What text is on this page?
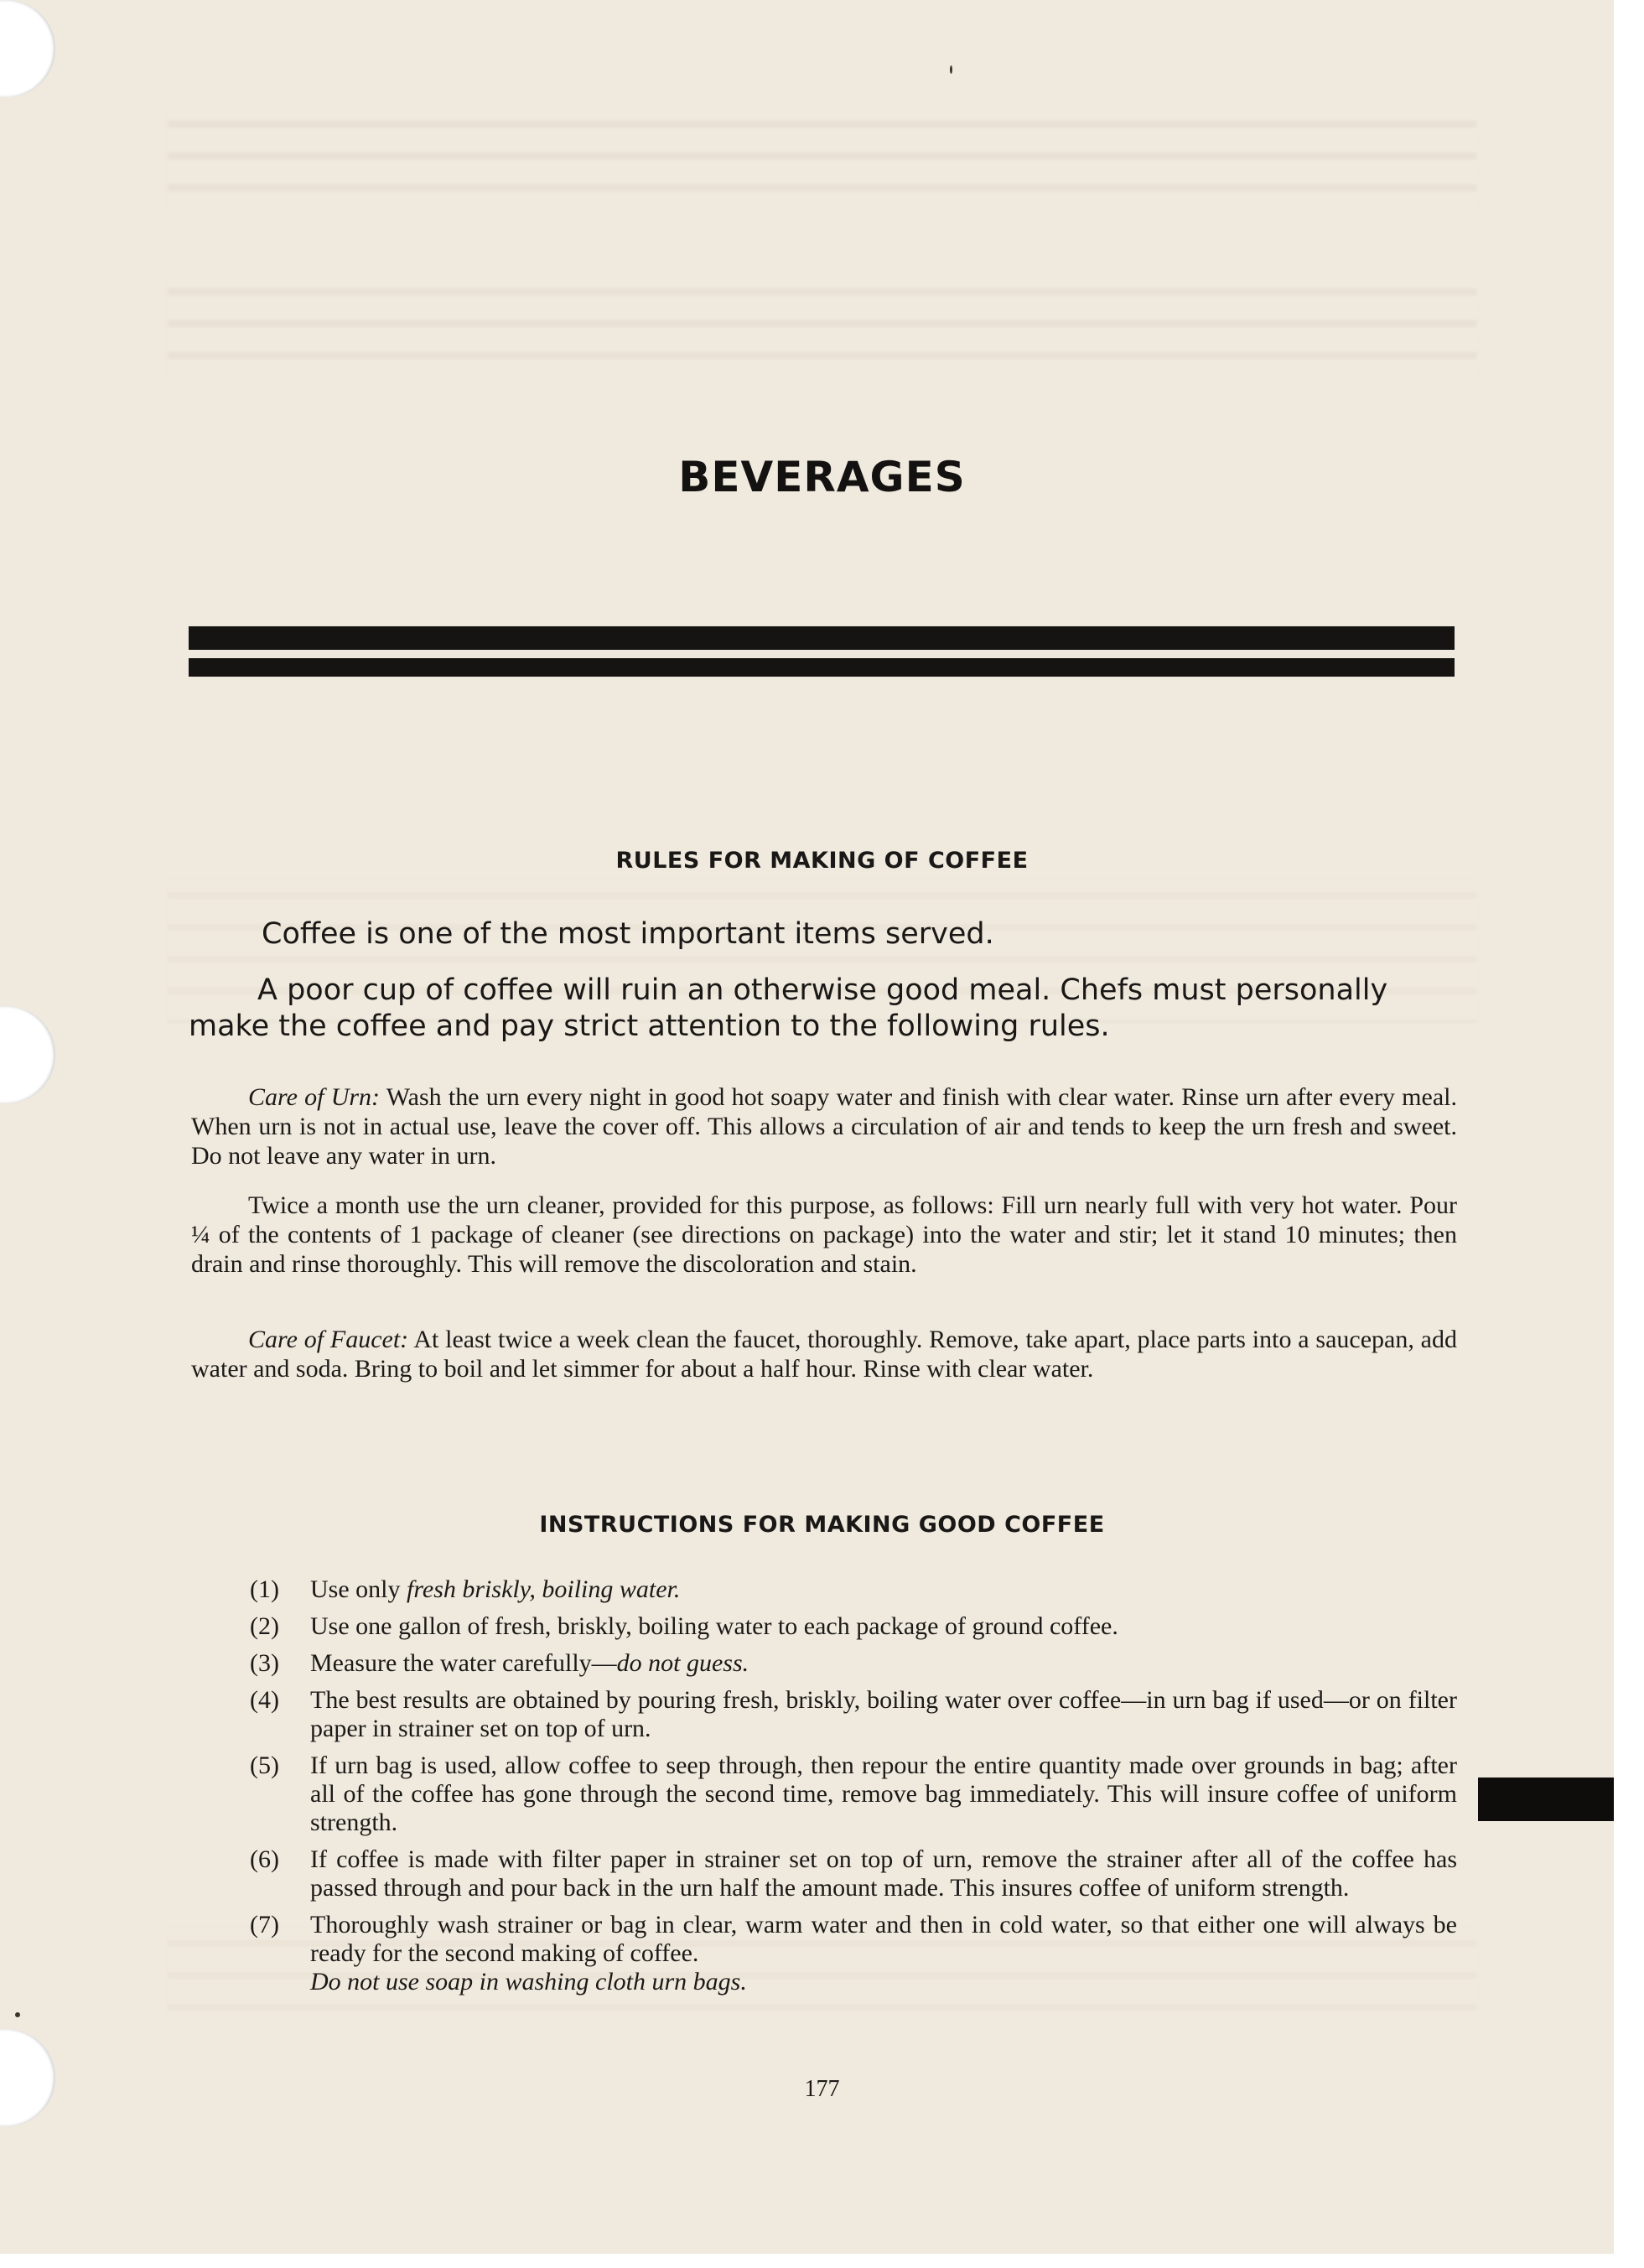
BEVERAGES
RULES FOR MAKING OF COFFEE

Coffee is one of the most important items served.

A poor cup of coffee will ruin an otherwise good meal. Chefs must personally make the coffee and pay strict attention to the following rules.

Care of Urn: Wash the urn every night in good hot soapy water and finish with clear water. Rinse urn after every meal. When urn is not in actual use, leave the cover off. This allows a circulation of air and tends to keep the urn fresh and sweet. Do not leave any water in urn.

Twice a month use the urn cleaner, provided for this purpose, as follows: Fill urn nearly full with very hot water. Pour ¼ of the contents of 1 package of cleaner (see directions on package) into the water and stir; let it stand 10 minutes; then drain and rinse thoroughly. This will remove the discoloration and stain.

Care of Faucet: At least twice a week clean the faucet, thoroughly. Remove, take apart, place parts into a saucepan, add water and soda. Bring to boil and let simmer for about a half hour. Rinse with clear water.

INSTRUCTIONS FOR MAKING GOOD COFFEE
(1)	Use only fresh briskly, boiling water.
(2)	Use one gallon of fresh, briskly, boiling water to each package of ground coffee.
(3)	Measure the water carefully—do not guess.
(4)	The best results are obtained by pouring fresh, briskly, boiling water over coffee—in urn bag if used—or on filter paper in strainer set on top of urn.
(5)	If urn bag is used, allow coffee to seep through, then repour the entire quantity made over grounds in bag; after all of the coffee has gone through the second time, remove bag immediately. This will insure coffee of uniform strength.
(6)	If coffee is made with filter paper in strainer set on top of urn, remove the strainer after all of the coffee has passed through and pour back in the urn half the amount made. This insures coffee of uniform strength.
(7)	Thoroughly wash strainer or bag in clear, warm water and then in cold water, so that either one will always be ready for the second making of coffee.
Do not use soap in washing cloth urn bags.

177
